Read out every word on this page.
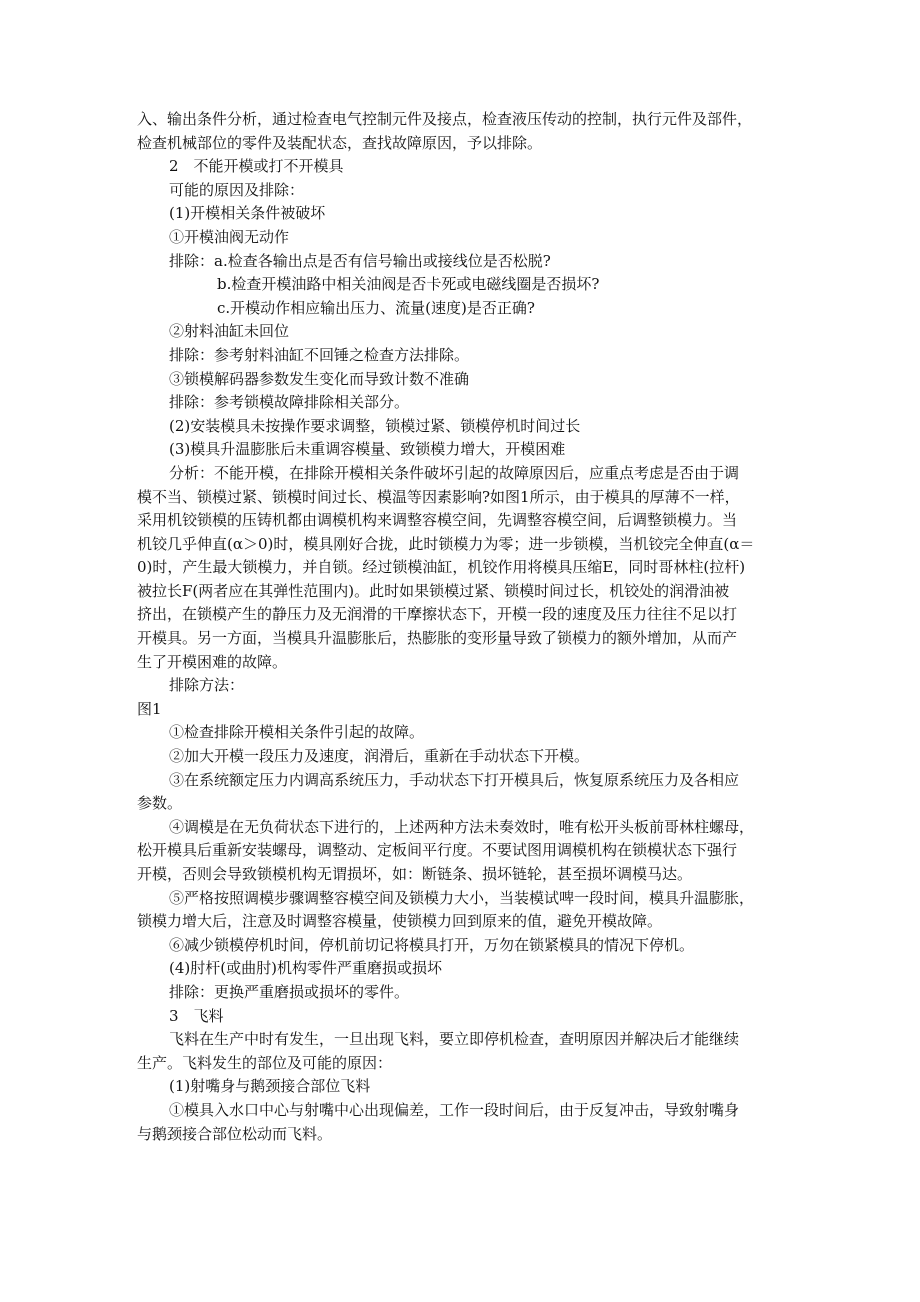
入、输出条件分析，通过检查电气控制元件及接点，检查液压传动的控制，执行元件及部件，
检查机械部位的零件及装配状态，查找故障原因，予以排除。
2　不能开模或打不开模具
可能的原因及排除：
(1)开模相关条件被破坏
①开模油阀无动作
排除：a.检查各输出点是否有信号输出或接线位是否松脱?
b.检查开模油路中相关油阀是否卡死或电磁线圈是否损坏?
c.开模动作相应输出压力、流量(速度)是否正确?
②射料油缸未回位
排除：参考射料油缸不回锤之检查方法排除。
③锁模解码器参数发生变化而导致计数不准确
排除：参考锁模故障排除相关部分。
(2)安装模具未按操作要求调整，锁模过紧、锁模停机时间过长
(3)模具升温膨胀后未重调容模量、致锁模力增大，开模困难
分析：不能开模，在排除开模相关条件破坏引起的故障原因后，应重点考虑是否由于调
模不当、锁模过紧、锁模时间过长、模温等因素影响?如图1所示，由于模具的厚薄不一样，
采用机铰锁模的压铸机都由调模机构来调整容模空间，先调整容模空间，后调整锁模力。当
机铰几乎伸直(α＞0)时，模具刚好合拢，此时锁模力为零；进一步锁模，当机铰完全伸直(α＝
0)时，产生最大锁模力，并自锁。经过锁模油缸，机铰作用将模具压缩E，同时哥林柱(拉杆)
被拉长F(两者应在其弹性范围内)。此时如果锁模过紧、锁模时间过长，机铰处的润滑油被
挤出，在锁模产生的静压力及无润滑的干摩擦状态下，开模一段的速度及压力往往不足以打
开模具。另一方面，当模具升温膨胀后，热膨胀的变形量导致了锁模力的额外增加，从而产
生了开模困难的故障。
排除方法：
图1
①检查排除开模相关条件引起的故障。
②加大开模一段压力及速度，润滑后，重新在手动状态下开模。
③在系统额定压力内调高系统压力，手动状态下打开模具后，恢复原系统压力及各相应
参数。
④调模是在无负荷状态下进行的，上述两种方法未奏效时，唯有松开头板前哥林柱螺母，
松开模具后重新安装螺母，调整动、定板间平行度。不要试图用调模机构在锁模状态下强行
开模，否则会导致锁模机构无谓损坏，如：断链条、损坏链轮，甚至损坏调模马达。
⑤严格按照调模步骤调整容模空间及锁模力大小，当装模试啤一段时间，模具升温膨胀，
锁模力增大后，注意及时调整容模量，使锁模力回到原来的值，避免开模故障。
⑥减少锁模停机时间，停机前切记将模具打开，万勿在锁紧模具的情况下停机。
(4)肘杆(或曲肘)机构零件严重磨损或损坏
排除：更换严重磨损或损坏的零件。
3　飞料
飞料在生产中时有发生，一旦出现飞料，要立即停机检查，查明原因并解决后才能继续
生产。飞料发生的部位及可能的原因：
(1)射嘴身与鹅颈接合部位飞料
①模具入水口中心与射嘴中心出现偏差，工作一段时间后，由于反复冲击，导致射嘴身
与鹅颈接合部位松动而飞料。
